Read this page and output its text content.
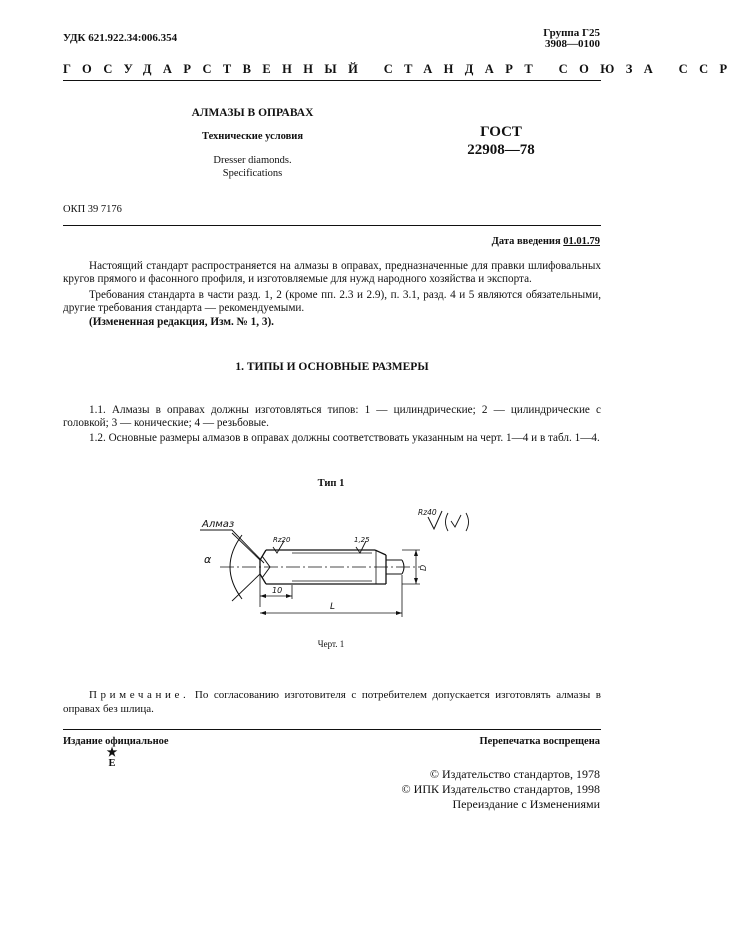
УДК 621.922.34:006.354	Группа Г25
3908—0100
ГОСУДАРСТВЕННЫЙ СТАНДАРТ СОЮЗА ССР
АЛМАЗЫ В ОПРАВАХ
Технические условия
Dresser diamonds.
Specifications
ГОСТ
22908—78
ОКП 39 7176
Дата введения 01.01.79

Настоящий стандарт распространяется на алмазы в оправах, предназначенные для правки шлифовальных кругов прямого и фасонного профиля, и изготовляемые для нужд народного хозяйства и экспорта.

Требования стандарта в части разд. 1, 2 (кроме пп. 2.3 и 2.9), п. 3.1, разд. 4 и 5 являются обязательными, другие требования стандарта — рекомендуемыми.

(Измененная редакция, Изм. № 1, 3).

1. ТИПЫ И ОСНОВНЫЕ РАЗМЕРЫ

1.1. Алмазы в оправах должны изготовляться типов: 1 — цилиндрические; 2 — цилиндрические с головкой; 3 — конические; 4 — резьбовые.

1.2. Основные размеры алмазов в оправах должны соответствовать указанным на черт. 1—4 и в табл. 1—4.

Тип 1
Алмаз
α
Rz20	1,25
Rz40
D
10
L
Черт. 1
Примечание. По согласованию изготовителя с потребителем допускается изготовлять алмазы в оправах без шлица.
Издание официальное
★
Е
Перепечатка воспрещена
© Издательство стандартов, 1978
© ИПК Издательство стандартов, 1998
Переиздание с Изменениями
